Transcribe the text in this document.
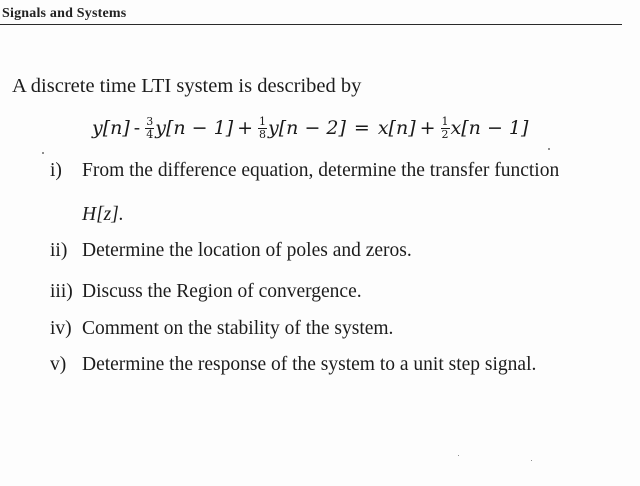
Signals and Systems
A discrete time LTI system is described by
$y[n] - \frac{3}{4} y[n - 1] + \frac{1}{8} y[n - 2] = x[n] + \frac{1}{2} x[n - 1]$
i) From the difference equation, determine the transfer function
H[z].
ii) Determine the location of poles and zeros.
iii) Discuss the Region of convergence.
iv) Comment on the stability of the system.
v) Determine the response of the system to a unit step signal.
